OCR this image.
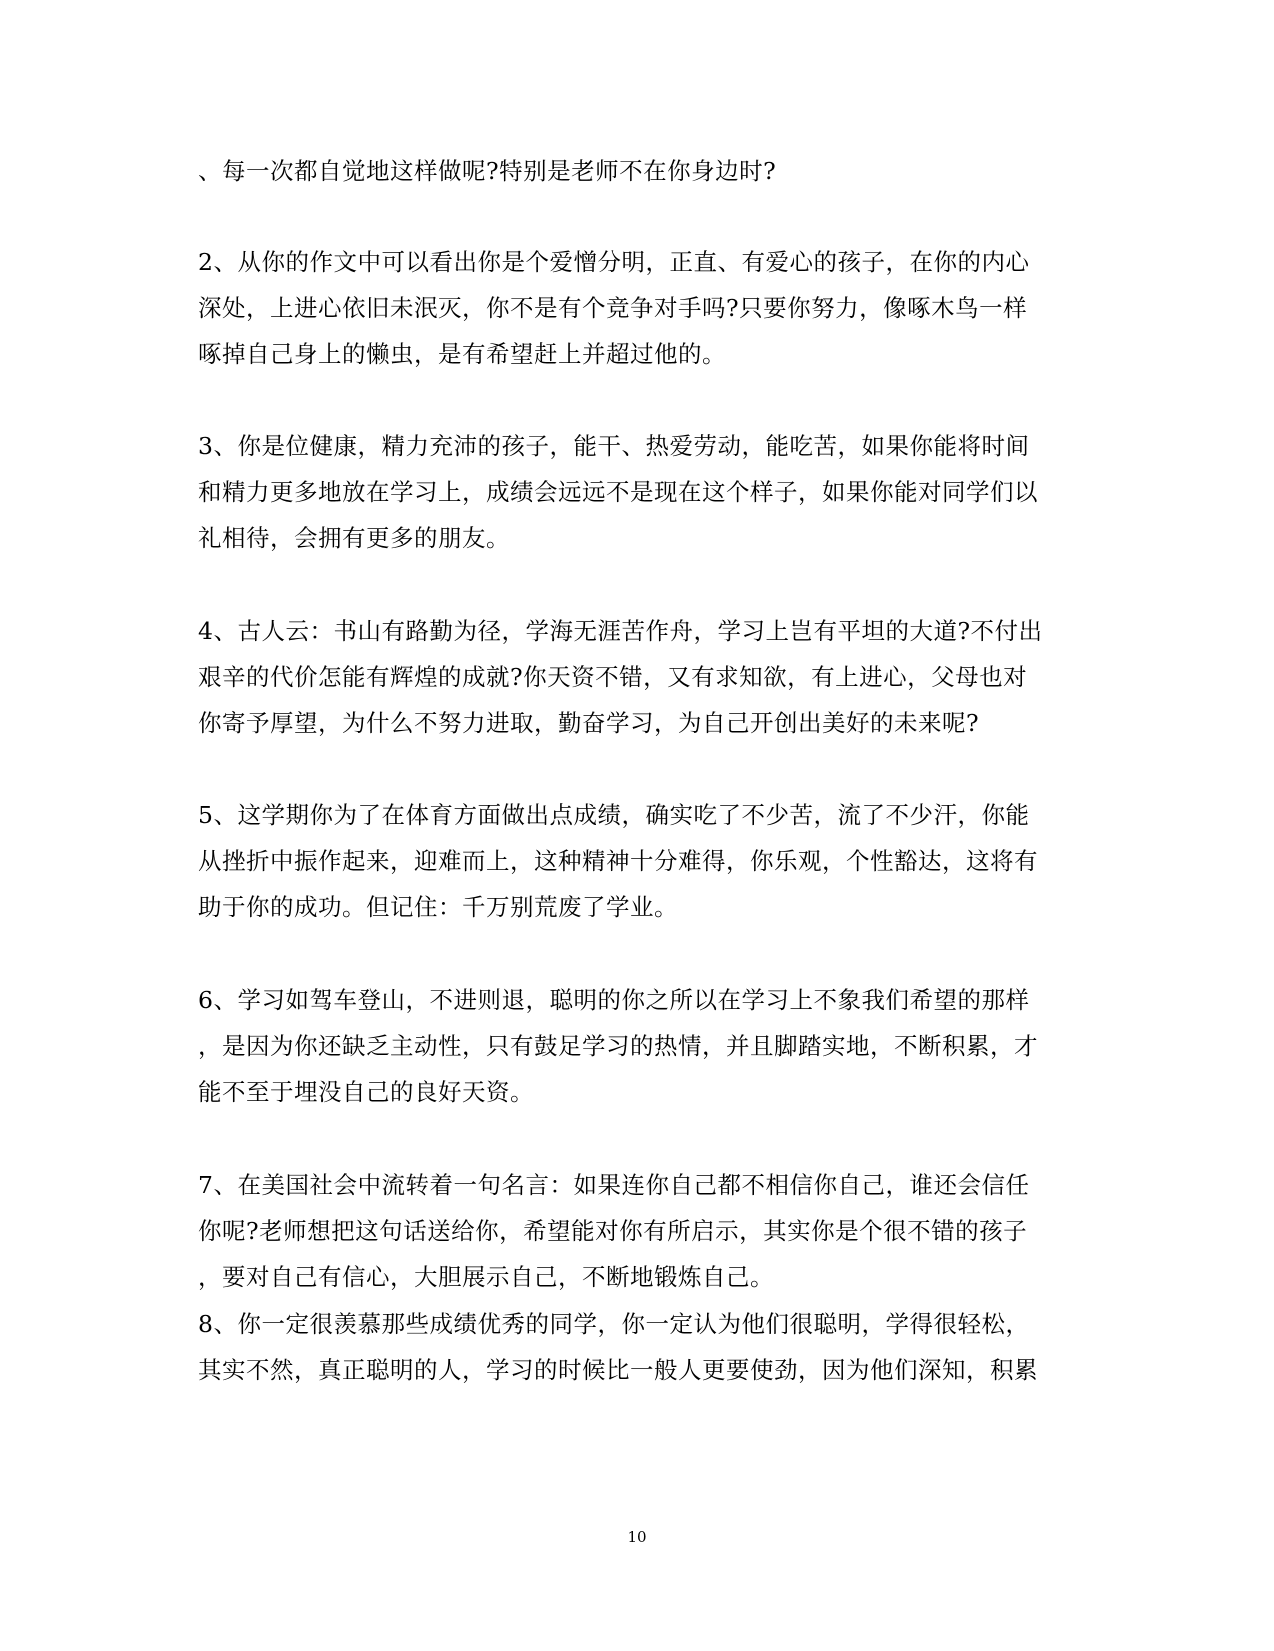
、每一次都自觉地这样做呢?特别是老师不在你身边时?
2、从你的作文中可以看出你是个爱憎分明，正直、有爱心的孩子，在你的内心
深处，上进心依旧未泯灭，你不是有个竞争对手吗?只要你努力，像啄木鸟一样
啄掉自己身上的懒虫，是有希望赶上并超过他的。
3、你是位健康，精力充沛的孩子，能干、热爱劳动，能吃苦，如果你能将时间
和精力更多地放在学习上，成绩会远远不是现在这个样子，如果你能对同学们以
礼相待，会拥有更多的朋友。
4、古人云：书山有路勤为径，学海无涯苦作舟，学习上岂有平坦的大道?不付出
艰辛的代价怎能有辉煌的成就?你天资不错，又有求知欲，有上进心，父母也对
你寄予厚望，为什么不努力进取，勤奋学习，为自己开创出美好的未来呢?
5、这学期你为了在体育方面做出点成绩，确实吃了不少苦，流了不少汗，你能
从挫折中振作起来，迎难而上，这种精神十分难得，你乐观，个性豁达，这将有
助于你的成功。但记住：千万别荒废了学业。
6、学习如驾车登山，不进则退，聪明的你之所以在学习上不象我们希望的那样
，是因为你还缺乏主动性，只有鼓足学习的热情，并且脚踏实地，不断积累，才
能不至于埋没自己的良好天资。
7、在美国社会中流转着一句名言：如果连你自己都不相信你自己，谁还会信任
你呢?老师想把这句话送给你，希望能对你有所启示，其实你是个很不错的孩子
，要对自己有信心，大胆展示自己，不断地锻炼自己。
8、你一定很羡慕那些成绩优秀的同学，你一定认为他们很聪明，学得很轻松，
其实不然，真正聪明的人，学习的时候比一般人更要使劲，因为他们深知，积累
10
